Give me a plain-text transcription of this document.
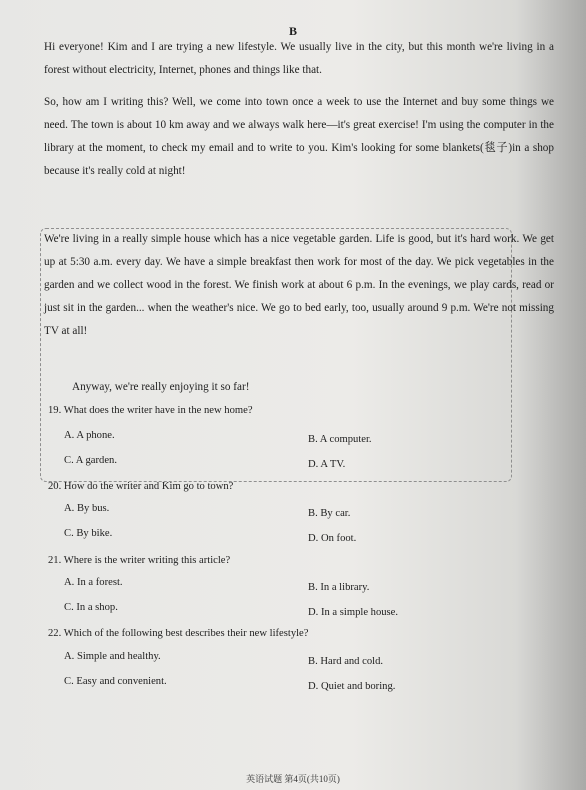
B

Hi everyone! Kim and I are trying a new lifestyle. We usually live in the city, but this month we're living in a forest without electricity, Internet, phones and things like that.

So, how am I writing this? Well, we come into town once a week to use the Internet and buy some things we need. The town is about 10 km away and we always walk here—it's great exercise! I'm using the computer in the library at the moment, to check my email and to write to you. Kim's looking for some blankets(毯子)in a shop because it's really cold at night!

We're living in a really simple house which has a nice vegetable garden. Life is good, but it's hard work. We get up at 5:30 a.m. every day. We have a simple breakfast then work for most of the day. We pick vegetables in the garden and we collect wood in the forest. We finish work at about 6 p.m. In the evenings, we play cards, read or just sit in the garden... when the weather's nice. We go to bed early, too, usually around 9 p.m. We're not missing TV at all!

Anyway, we're really enjoying it so far!

19. What does the writer have in the new home?
A. A phone.	B. A computer.
C. A garden.	D. A TV.
20. How do the writer and Kim go to town?
A. By bus.	B. By car.
C. By bike.	D. On foot.
21. Where is the writer writing this article?
A. In a forest.	B. In a library.
C. In a shop.	D. In a simple house.
22. Which of the following best describes their new lifestyle?
A. Simple and healthy.	B. Hard and cold.
C. Easy and convenient.	D. Quiet and boring.
英语试题 第4页(共10页)
